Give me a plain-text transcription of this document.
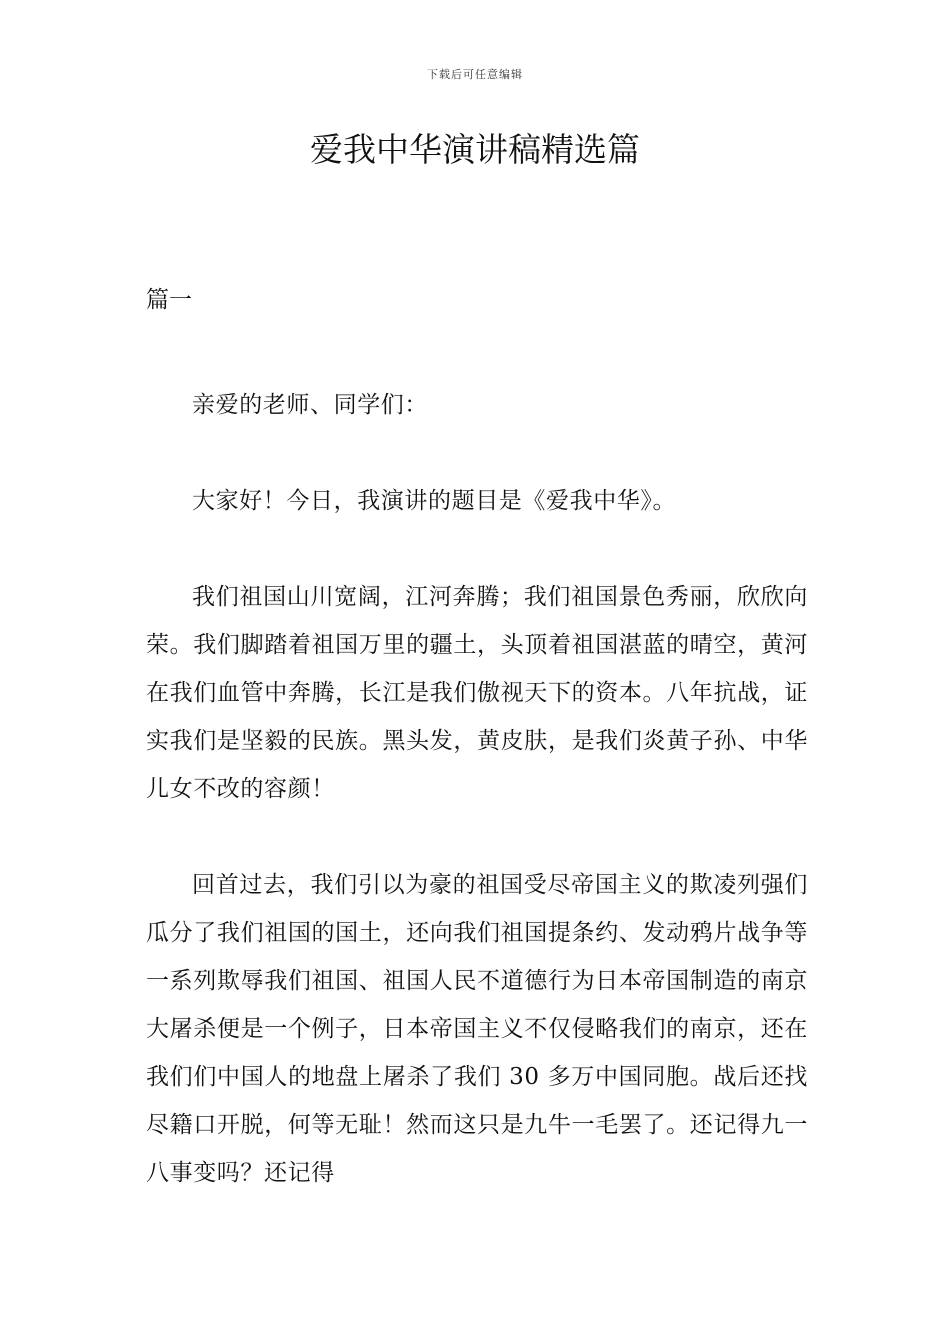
下载后可任意编辑
爱我中华演讲稿精选篇

篇一

亲爱的老师、同学们：

大家好！今日，我演讲的题目是《爱我中华》。

我们祖国山川宽阔，江河奔腾；我们祖国景色秀丽，欣欣向荣。我们脚踏着祖国万里的疆土，头顶着祖国湛蓝的晴空，黄河在我们血管中奔腾，长江是我们傲视天下的资本。八年抗战，证实我们是坚毅的民族。黑头发，黄皮肤，是我们炎黄子孙、中华儿女不改的容颜！

回首过去，我们引以为豪的祖国受尽帝国主义的欺凌列强们瓜分了我们祖国的国土，还向我们祖国提条约、发动鸦片战争等一系列欺辱我们祖国、祖国人民不道德行为日本帝国制造的南京大屠杀便是一个例子，日本帝国主义不仅侵略我们的南京，还在我们们中国人的地盘上屠杀了我们 30 多万中国同胞。战后还找尽籍口开脱，何等无耻！然而这只是九牛一毛罢了。还记得九一八事变吗？还记得
